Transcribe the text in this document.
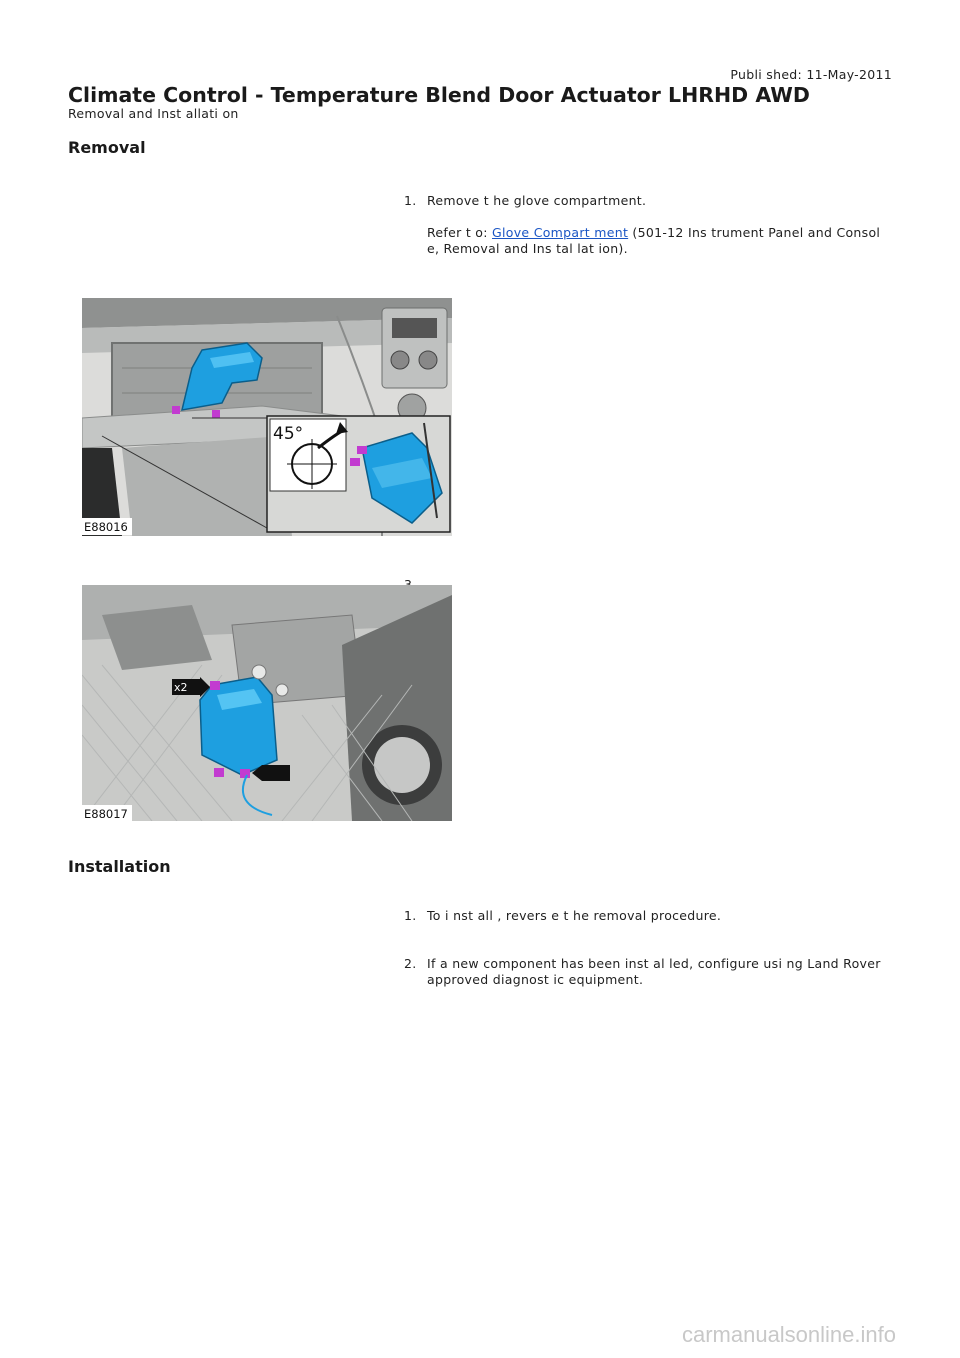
Publi shed: 11-May-2011
Climate Control - Temperature Blend Door Actuator LHRHD AWD
Removal and Inst allati on
Removal
1. Remove t he glove compartment.

Refer t o: Glove Compart ment (501-12 Ins trument Panel and Consol e, Removal and Ins tal lat ion).

E88016
45°
x2
E88017
Installation
1. To i nst all , revers e t he removal procedure.

2. If a new component has been inst al led, configure usi ng Land Rover approved diagnost ic equipment.

carmanualsonline.info
